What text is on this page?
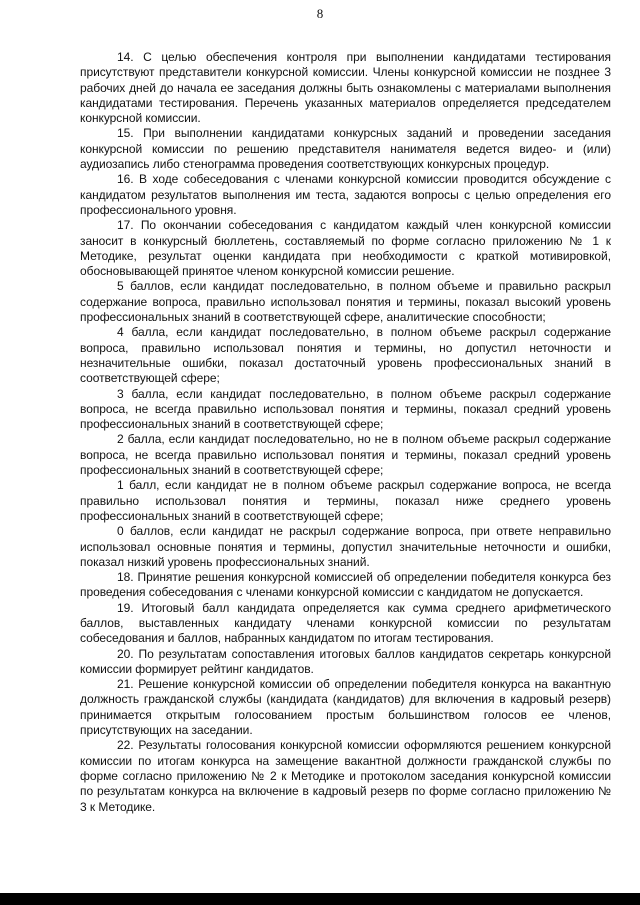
8

14. С целью обеспечения контроля при выполнении кандидатами тестирования присутствуют представители конкурсной комиссии. Члены конкурсной комиссии не позднее 3 рабочих дней до начала ее заседания должны быть ознакомлены с материалами выполнения кандидатами тестирования. Перечень указанных материалов определяется председателем конкурсной комиссии.

15. При выполнении кандидатами конкурсных заданий и проведении заседания конкурсной комиссии по решению представителя нанимателя ведется видео- и (или) аудиозапись либо стенограмма проведения соответствующих конкурсных процедур.

16. В ходе собеседования с членами конкурсной комиссии проводится обсуждение с кандидатом результатов выполнения им теста, задаются вопросы с целью определения его профессионального уровня.

17. По окончании собеседования с кандидатом каждый член конкурсной комиссии заносит в конкурсный бюллетень, составляемый по форме согласно приложению № 1 к Методике, результат оценки кандидата при необходимости с краткой мотивировкой, обосновывающей принятое членом конкурсной комиссии решение.

5 баллов, если кандидат последовательно, в полном объеме и правильно раскрыл содержание вопроса, правильно использовал понятия и термины, показал высокий уровень профессиональных знаний в соответствующей сфере, аналитические способности;

4 балла, если кандидат последовательно, в полном объеме раскрыл содержание вопроса, правильно использовал понятия и термины, но допустил неточности и незначительные ошибки, показал достаточный уровень профессиональных знаний в соответствующей сфере;

3 балла, если кандидат последовательно, в полном объеме раскрыл содержание вопроса, не всегда правильно использовал понятия и термины, показал средний уровень профессиональных знаний в соответствующей сфере;

2 балла, если кандидат последовательно, но не в полном объеме раскрыл содержание вопроса, не всегда правильно использовал понятия и термины, показал средний уровень профессиональных знаний в соответствующей сфере;

1 балл, если кандидат не в полном объеме раскрыл содержание вопроса, не всегда правильно использовал понятия и термины, показал ниже среднего уровень профессиональных знаний в соответствующей сфере;

0 баллов, если кандидат не раскрыл содержание вопроса, при ответе неправильно использовал основные понятия и термины, допустил значительные неточности и ошибки, показал низкий уровень профессиональных знаний.

18. Принятие решения конкурсной комиссией об определении победителя конкурса без проведения собеседования с членами конкурсной комиссии с кандидатом не допускается.

19. Итоговый балл кандидата определяется как сумма среднего арифметического баллов, выставленных кандидату членами конкурсной комиссии по результатам собеседования и баллов, набранных кандидатом по итогам тестирования.

20. По результатам сопоставления итоговых баллов кандидатов секретарь конкурсной комиссии формирует рейтинг кандидатов.

21. Решение конкурсной комиссии об определении победителя конкурса на вакантную должность гражданской службы (кандидата (кандидатов) для включения в кадровый резерв) принимается открытым голосованием простым большинством голосов ее членов, присутствующих на заседании.

22. Результаты голосования конкурсной комиссии оформляются решением конкурсной комиссии по итогам конкурса на замещение вакантной должности гражданской службы по форме согласно приложению № 2 к Методике и протоколом заседания конкурсной комиссии по результатам конкурса на включение в кадровый резерв по форме согласно приложению № 3 к Методике.
